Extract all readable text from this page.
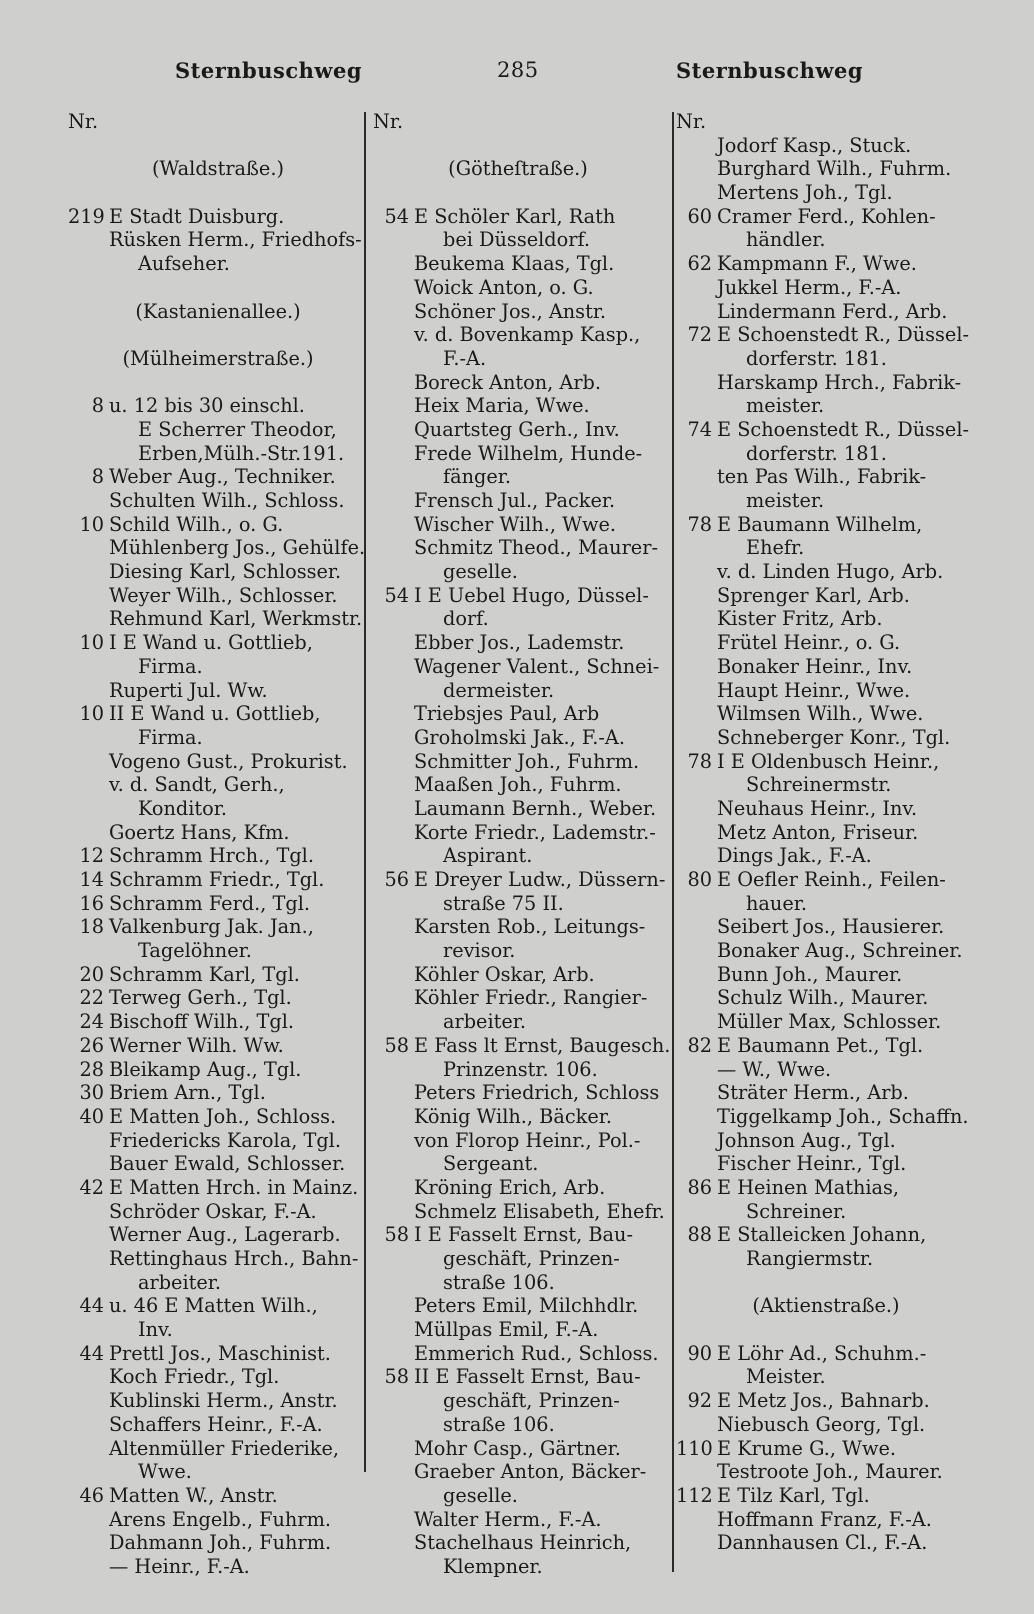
Sternbuschweg	285	Sternbuschweg
Nr.
(Waldstraße.)
219 E Stadt Duisburg.
Rüsken Herm., Friedhofs-
Aufseher.
(Kastanienallee.)
(Mülheimerstraße.)
8 u. 12 bis 30 einschl.
E Scherrer Theodor,
Erben,Mülh.-Str.191.
8 Weber Aug., Techniker.
Schulten Wilh., Schloss.
10 Schild Wilh., o. G.
Mühlenberg Jos., Gehülfe.
Diesing Karl, Schlosser.
Weyer Wilh., Schlosser.
Rehmund Karl, Werkmstr.
10 I E Wand u. Gottlieb,
Firma.
Ruperti Jul. Ww.
10 II E Wand u. Gottlieb,
Firma.
Vogeno Gust., Prokurist.
v. d. Sandt, Gerh.,
Konditor.
Goertz Hans, Kfm.
12 Schramm Hrch., Tgl.
14 Schramm Friedr., Tgl.
16 Schramm Ferd., Tgl.
18 Valkenburg Jak. Jan.,
Tagelöhner.
20 Schramm Karl, Tgl.
22 Terweg Gerh., Tgl.
24 Bischoff Wilh., Tgl.
26 Werner Wilh. Ww.
28 Bleikamp Aug., Tgl.
30 Briem Arn., Tgl.
40 E Matten Joh., Schloss.
Friedericks Karola, Tgl.
Bauer Ewald, Schlosser.
42 E Matten Hrch. in Mainz.
Schröder Oskar, F.-A.
Werner Aug., Lagerarb.
Rettinghaus Hrch., Bahn-
arbeiter.
44 u. 46 E Matten Wilh.,
Inv.
44 Prettl Jos., Maschinist.
Koch Friedr., Tgl.
Kublinski Herm., Anstr.
Schaffers Heinr., F.-A.
Altenmüller Friederike,
Wwe.
46 Matten W., Anstr.
Arens Engelb., Fuhrm.
Dahmann Joh., Fuhrm.
— Heinr., F.-A.
Nr.
(Götheſtraße.)
54 E Schöler Karl, Rath
bei Düsseldorf.
Beukema Klaas, Tgl.
Woick Anton, o. G.
Schöner Jos., Anstr.
v. d. Bovenkamp Kasp.,
F.-A.
Boreck Anton, Arb.
Heix Maria, Wwe.
Quartsteg Gerh., Inv.
Frede Wilhelm, Hunde-
fänger.
Frensch Jul., Packer.
Wischer Wilh., Wwe.
Schmitz Theod., Maurer-
geselle.
54 I E Uebel Hugo, Düssel-
dorf.
Ebber Jos., Lademstr.
Wagener Valent., Schnei-
dermeister.
Triebsjes Paul, Arb
Groholmski Jak., F.-A.
Schmitter Joh., Fuhrm.
Maaßen Joh., Fuhrm.
Laumann Bernh., Weber.
Korte Friedr., Lademstr.-
Aspirant.
56 E Dreyer Ludw., Düssern-
straße 75 II.
Karsten Rob., Leitungs-
revisor.
Köhler Oskar, Arb.
Köhler Friedr., Rangier-
arbeiter.
58 E Fass lt Ernst, Baugesch.
Prinzenstr. 106.
Peters Friedrich, Schloss
König Wilh., Bäcker.
von Florop Heinr., Pol.-
Sergeant.
Kröning Erich, Arb.
Schmelz Elisabeth, Ehefr.
58 I E Fasselt Ernst, Bau-
geschäft, Prinzen-
straße 106.
Peters Emil, Milchhdlr.
Müllpas Emil, F.-A.
Emmerich Rud., Schloss.
58 II E Fasselt Ernst, Bau-
geschäft, Prinzen-
straße 106.
Mohr Casp., Gärtner.
Graeber Anton, Bäcker-
geselle.
Walter Herm., F.-A.
Stachelhaus Heinrich,
Klempner.
Nr.
Jodorf Kasp., Stuck.
Burghard Wilh., Fuhrm.
Mertens Joh., Tgl.
60 Cramer Ferd., Kohlen-
händler.
62 Kampmann F., Wwe.
Jukkel Herm., F.-A.
Lindermann Ferd., Arb.
72 E Schoenstedt R., Düssel-
dorferstr. 181.
Harskamp Hrch., Fabrik-
meister.
74 E Schoenstedt R., Düssel-
dorferstr. 181.
ten Pas Wilh., Fabrik-
meister.
78 E Baumann Wilhelm,
Ehefr.
v. d. Linden Hugo, Arb.
Sprenger Karl, Arb.
Kister Fritz, Arb.
Frütel Heinr., o. G.
Bonaker Heinr., Inv.
Haupt Heinr., Wwe.
Wilmsen Wilh., Wwe.
Schneberger Konr., Tgl.
78 I E Oldenbusch Heinr.,
Schreinermstr.
Neuhaus Heinr., Inv.
Metz Anton, Friseur.
Dings Jak., F.-A.
80 E Oefler Reinh., Feilen-
hauer.
Seibert Jos., Hausierer.
Bonaker Aug., Schreiner.
Bunn Joh., Maurer.
Schulz Wilh., Maurer.
Müller Max, Schlosser.
82 E Baumann Pet., Tgl.
— W., Wwe.
Sträter Herm., Arb.
Tiggelkamp Joh., Schaffn.
Johnson Aug., Tgl.
Fischer Heinr., Tgl.
86 E Heinen Mathias,
Schreiner.
88 E Stalleicken Johann,
Rangiermstr.
(Aktienstraße.)
90 E Löhr Ad., Schuhm.-
Meister.
92 E Metz Jos., Bahnarb.
Niebusch Georg, Tgl.
110 E Krume G., Wwe.
Testroote Joh., Maurer.
112 E Tilz Karl, Tgl.
Hoffmann Franz, F.-A.
Dannhausen Cl., F.-A.
